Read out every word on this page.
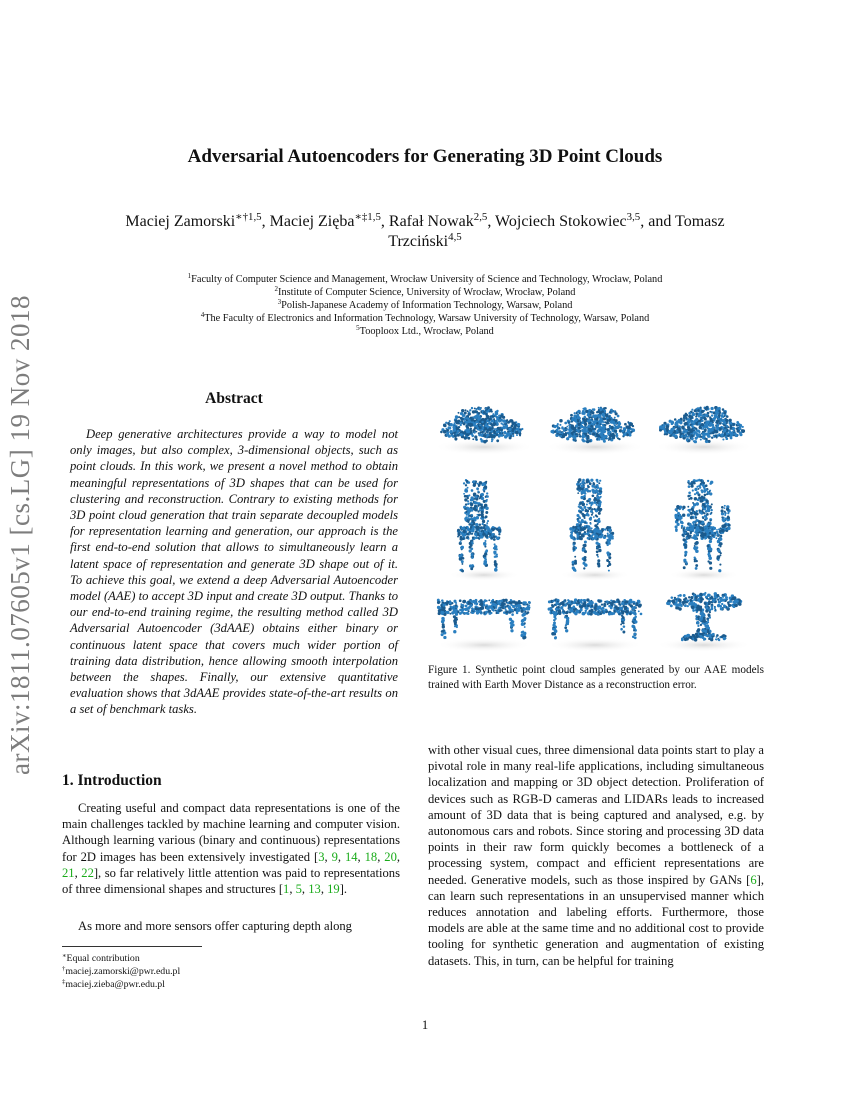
arXiv:1811.07605v1 [cs.LG] 19 Nov 2018
Adversarial Autoencoders for Generating 3D Point Clouds
Maciej Zamorski$^{∗\dagger 1,5}$, Maciej Zięba$^{∗\ddagger 1,5}$, Rafał Nowak$^{2,5}$, Wojciech Stokowiec$^{3,5}$, and Tomasz
Trzciński$^{4,5}$
$^1$Faculty of Computer Science and Management, Wrocław University of Science and Technology, Wrocław, Poland
$^2$Institute of Computer Science, University of Wrocław, Wrocław, Poland
$^3$Polish-Japanese Academy of Information Technology, Warsaw, Poland
$^4$The Faculty of Electronics and Information Technology, Warsaw University of Technology, Warsaw, Poland
$^5$Tooploox Ltd., Wrocław, Poland
Abstract
Deep generative architectures provide a way to model not only images, but also complex, 3-dimensional objects, such as point clouds. In this work, we present a novel method to obtain meaningful representations of 3D shapes that can be used for clustering and reconstruction. Contrary to existing methods for 3D point cloud generation that train separate decoupled models for representation learning and generation, our approach is the first end-to-end solution that allows to simultaneously learn a latent space of representation and generate 3D shape out of it. To achieve this goal, we extend a deep Adversarial Autoencoder model (AAE) to accept 3D input and create 3D output. Thanks to our end-to-end training regime, the resulting method called 3D Adversarial Autoencoder (3dAAE) obtains either binary or continuous latent space that covers much wider portion of training data distribution, hence allowing smooth interpolation between the shapes. Finally, our extensive quantitative evaluation shows that 3dAAE provides state-of-the-art results on a set of benchmark tasks.
1. Introduction
Creating useful and compact data representations is one of the main challenges tackled by machine learning and computer vision. Although learning various (binary and continuous) representations for 2D images has been extensively investigated [3, 9, 14, 18, 20, 21, 22], so far relatively little attention was paid to representations of three dimensional shapes and structures [1, 5, 13, 19].
As more and more sensors offer capturing depth along
∗Equal contribution
†maciej.zamorski@pwr.edu.pl
‡maciej.zieba@pwr.edu.pl
Figure 1. Synthetic point cloud samples generated by our AAE models trained with Earth Mover Distance as a reconstruction error.
with other visual cues, three dimensional data points start to play a pivotal role in many real-life applications, including simultaneous localization and mapping or 3D object detection. Proliferation of devices such as RGB-D cameras and LIDARs leads to increased amount of 3D data that is being captured and analysed, e.g. by autonomous cars and robots. Since storing and processing 3D data points in their raw form quickly becomes a bottleneck of a processing system, compact and efficient representations are needed. Generative models, such as those inspired by GANs [6], can learn such representations in an unsupervised manner which reduces annotation and labeling efforts. Furthermore, those models are able at the same time and no additional cost to provide tooling for synthetic generation and augmentation of existing datasets. This, in turn, can be helpful for training
1
